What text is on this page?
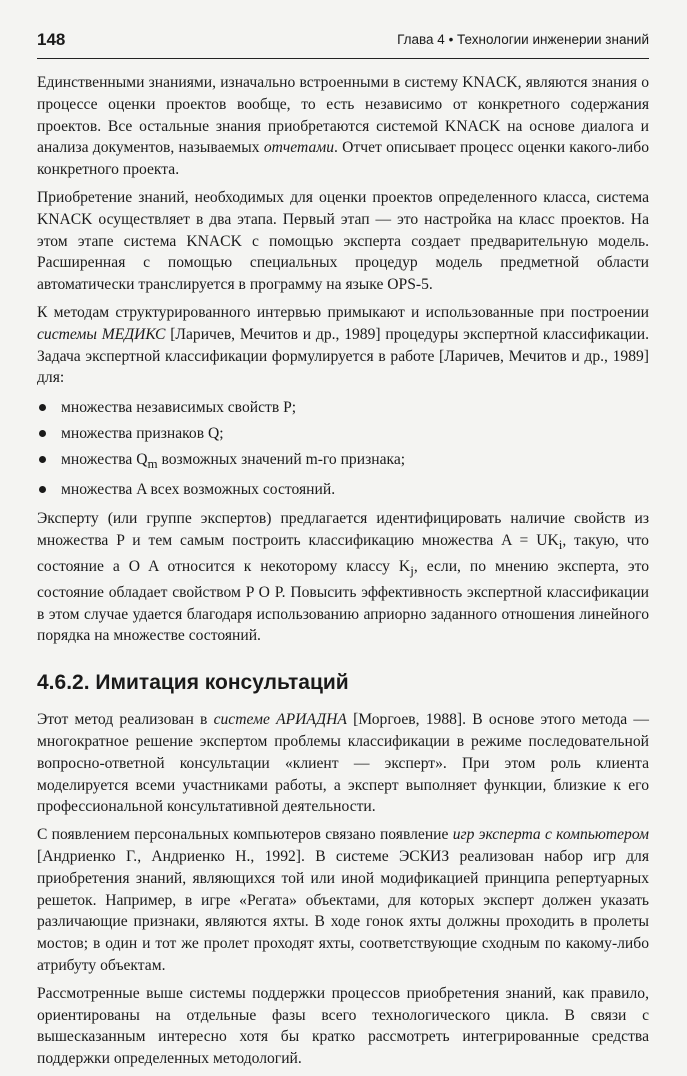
148	Глава 4 • Технологии инженерии знаний

Единственными знаниями, изначально встроенными в систему KNACK, являются знания о процессе оценки проектов вообще, то есть независимо от конкретного содержания проектов. Все остальные знания приобретаются системой KNACK на основе диалога и анализа документов, называемых отчетами. Отчет описывает процесс оценки какого-либо конкретного проекта.

Приобретение знаний, необходимых для оценки проектов определенного класса, система KNACK осуществляет в два этапа. Первый этап — это настройка на класс проектов. На этом этапе система KNACK с помощью эксперта создает предварительную модель. Расширенная с помощью специальных процедур модель предметной области автоматически транслируется в программу на языке OPS-5.

К методам структурированного интервью примыкают и использованные при построении системы МЕДИКС [Ларичев, Мечитов и др., 1989] процедуры экспертной классификации. Задача экспертной классификации формулируется в работе [Ларичев, Мечитов и др., 1989] для:

множества независимых свойств P;
множества признаков Q;
множества $Q_m$ возможных значений m-го признака;
множества A всех возможных состояний.

Эксперту (или группе экспертов) предлагается идентифицировать наличие свойств из множества P и тем самым построить классификацию множества $A = UK_i$, такую, что состояние a O A относится к некоторому классу $K_j$, если, по мнению эксперта, это состояние обладает свойством P O P. Повысить эффективность экспертной классификации в этом случае удается благодаря использованию априорно заданного отношения линейного порядка на множестве состояний.

4.6.2. Имитация консультаций

Этот метод реализован в системе АРИАДНА [Моргоев, 1988]. В основе этого метода — многократное решение экспертом проблемы классификации в режиме последовательной вопросно-ответной консультации «клиент — эксперт». При этом роль клиента моделируется всеми участниками работы, а эксперт выполняет функции, близкие к его профессиональной консультативной деятельности.

С появлением персональных компьютеров связано появление игр эксперта с компьютером [Андриенко Г., Андриенко Н., 1992]. В системе ЭСКИЗ реализован набор игр для приобретения знаний, являющихся той или иной модификацией принципа репертуарных решеток. Например, в игре «Регата» объектами, для которых эксперт должен указать различающие признаки, являются яхты. В ходе гонок яхты должны проходить в пролеты мостов; в один и тот же пролет проходят яхты, соответствующие сходным по какому-либо атрибуту объектам.

Рассмотренные выше системы поддержки процессов приобретения знаний, как правило, ориентированы на отдельные фазы всего технологического цикла. В связи с вышесказанным интересно хотя бы кратко рассмотреть интегрированные средства поддержки определенных методологий.
